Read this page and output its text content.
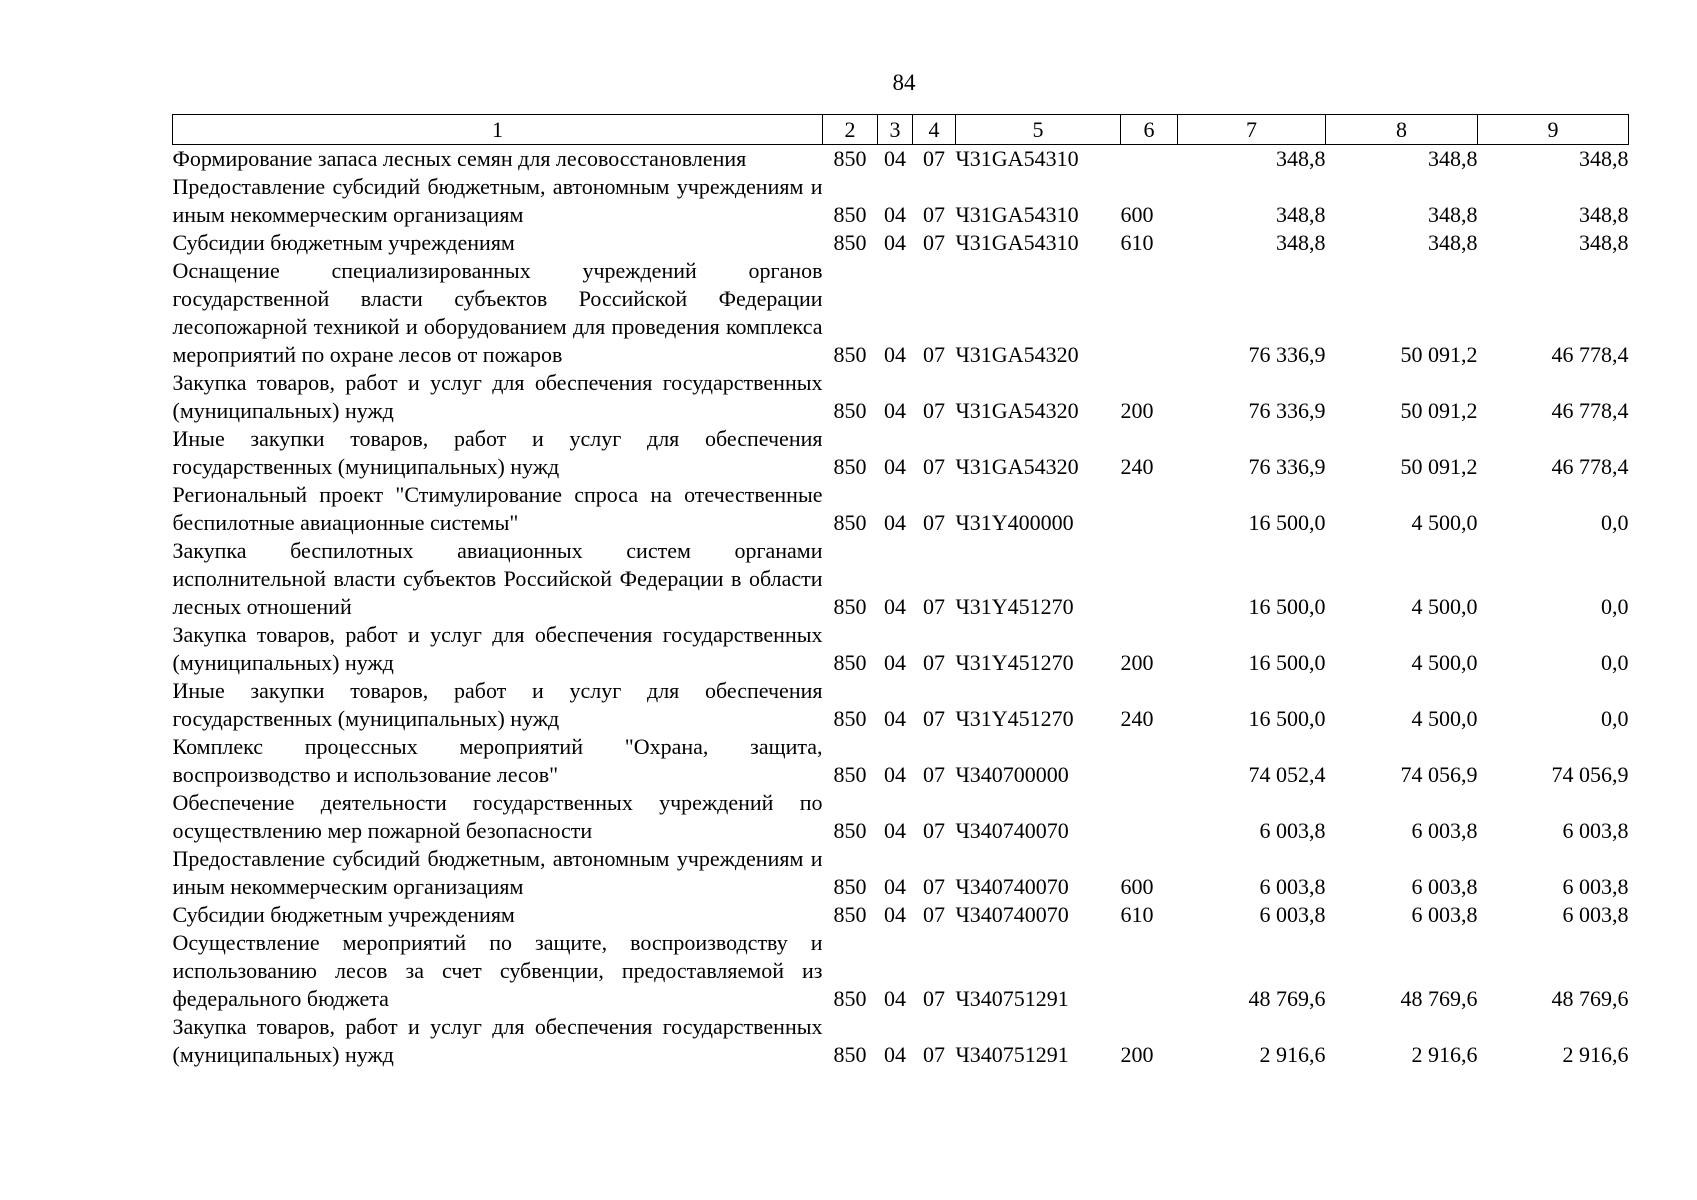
84
1	2	3	4	5	6	7	8	9
Формирование запаса лесных семян для лесовосстановления	850	04	07	Ч31GA54310		348,8	348,8	348,8
Предоставление субсидий бюджетным, автономным учреждениям и иным некоммерческим организациям	850	04	07	Ч31GA54310	600	348,8	348,8	348,8
Субсидии бюджетным учреждениям	850	04	07	Ч31GA54310	610	348,8	348,8	348,8
Оснащение специализированных учреждений органов государственной власти субъектов Российской Федерации лесопожарной техникой и оборудованием для проведения комплекса мероприятий по охране лесов от пожаров	850	04	07	Ч31GA54320		76 336,9	50 091,2	46 778,4
Закупка товаров, работ и услуг для обеспечения государственных (муниципальных) нужд	850	04	07	Ч31GA54320	200	76 336,9	50 091,2	46 778,4
Иные закупки товаров, работ и услуг для обеспечения государственных (муниципальных) нужд	850	04	07	Ч31GA54320	240	76 336,9	50 091,2	46 778,4
Региональный проект "Стимулирование спроса на отечественные беспилотные авиационные системы"	850	04	07	Ч31Y400000		16 500,0	4 500,0	0,0
Закупка беспилотных авиационных систем органами исполнительной власти субъектов Российской Федерации в области лесных отношений	850	04	07	Ч31Y451270		16 500,0	4 500,0	0,0
Закупка товаров, работ и услуг для обеспечения государственных (муниципальных) нужд	850	04	07	Ч31Y451270	200	16 500,0	4 500,0	0,0
Иные закупки товаров, работ и услуг для обеспечения государственных (муниципальных) нужд	850	04	07	Ч31Y451270	240	16 500,0	4 500,0	0,0
Комплекс процессных мероприятий "Охрана, защита, воспроизводство и использование лесов"	850	04	07	Ч340700000		74 052,4	74 056,9	74 056,9
Обеспечение деятельности государственных учреждений по осуществлению мер пожарной безопасности	850	04	07	Ч340740070		6 003,8	6 003,8	6 003,8
Предоставление субсидий бюджетным, автономным учреждениям и иным некоммерческим организациям	850	04	07	Ч340740070	600	6 003,8	6 003,8	6 003,8
Субсидии бюджетным учреждениям	850	04	07	Ч340740070	610	6 003,8	6 003,8	6 003,8
Осуществление мероприятий по защите, воспроизводству и использованию лесов за счет субвенции, предоставляемой из федерального бюджета	850	04	07	Ч340751291		48 769,6	48 769,6	48 769,6
Закупка товаров, работ и услуг для обеспечения государственных (муниципальных) нужд	850	04	07	Ч340751291	200	2 916,6	2 916,6	2 916,6
